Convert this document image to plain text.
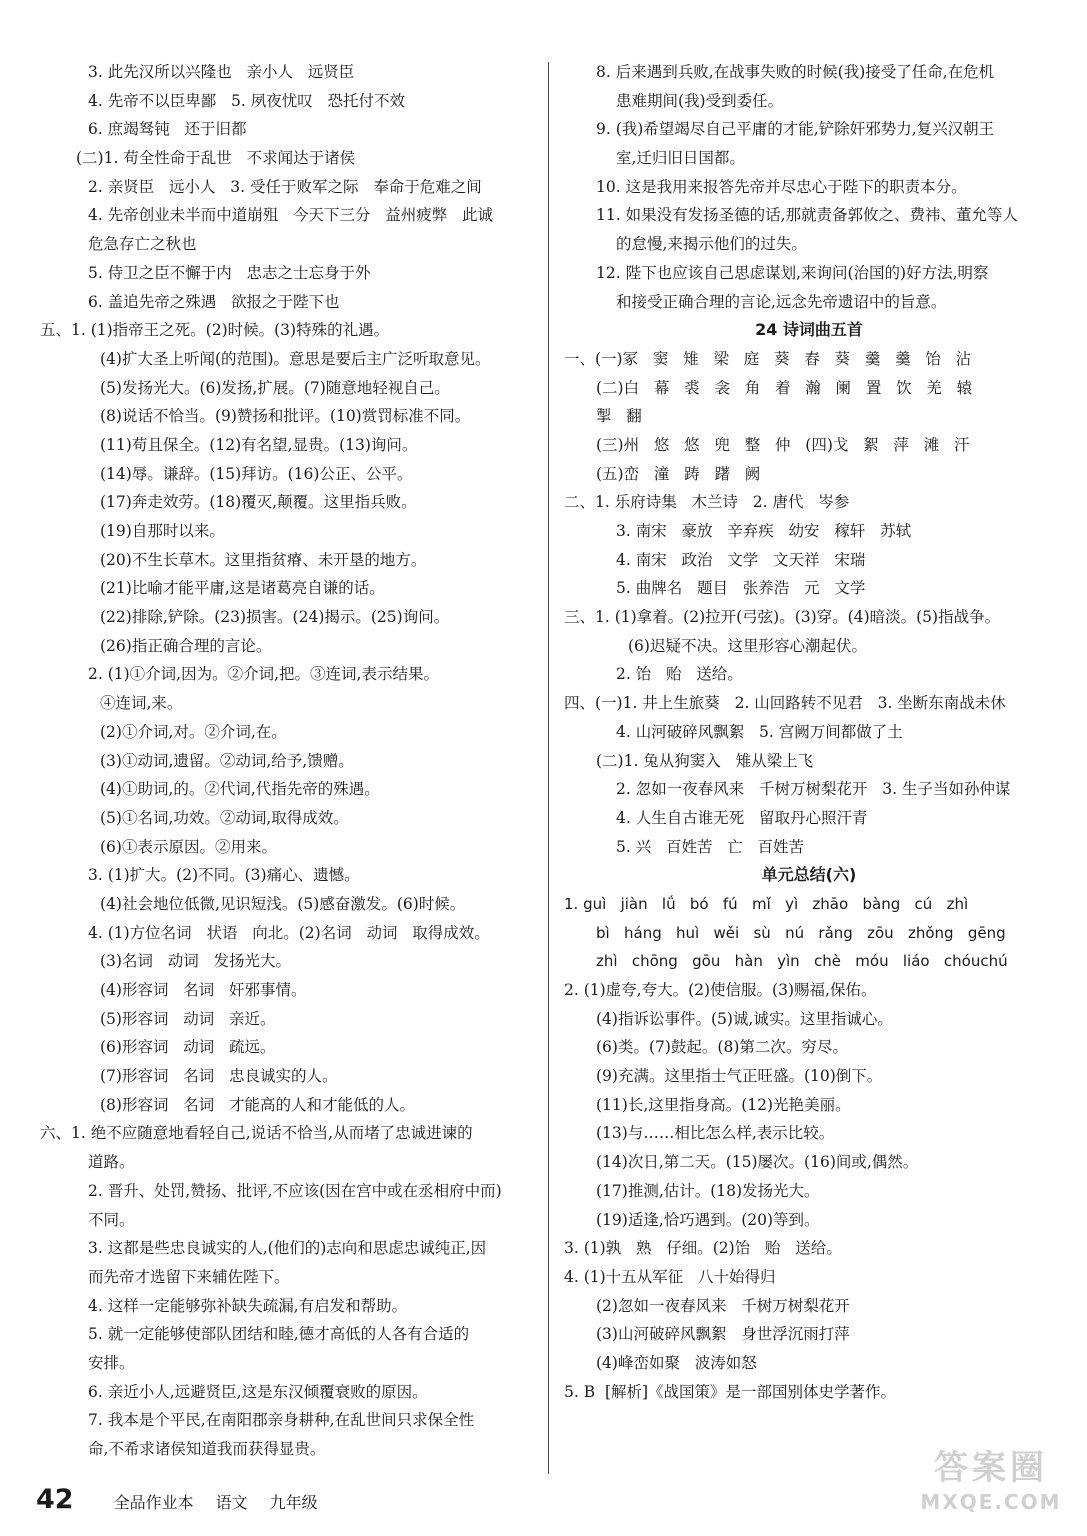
3. 此先汉所以兴隆也   亲小人   远贤臣
4. 先帝不以臣卑鄙   5. 夙夜忧叹   恐托付不效
6. 庶竭驽钝   还于旧都
(二)1. 苟全性命于乱世   不求闻达于诸侯
2. 亲贤臣   远小人   3. 受任于败军之际   奉命于危难之间
4. 先帝创业未半而中道崩殂   今天下三分   益州疲弊   此诚
危急存亡之秋也
5. 侍卫之臣不懈于内   忠志之士忘身于外
6. 盖追先帝之殊遇   欲报之于陛下也
五、1. (1)指帝王之死。(2)时候。(3)特殊的礼遇。
(4)扩大圣上听闻(的范围)。意思是要后主广泛听取意见。
(5)发扬光大。(6)发扬,扩展。(7)随意地轻视自己。
(8)说话不恰当。(9)赞扬和批评。(10)赏罚标准不同。
(11)苟且保全。(12)有名望,显贵。(13)询问。
(14)辱。谦辞。(15)拜访。(16)公正、公平。
(17)奔走效劳。(18)覆灭,颠覆。这里指兵败。
(19)自那时以来。
(20)不生长草木。这里指贫瘠、未开垦的地方。
(21)比喻才能平庸,这是诸葛亮自谦的话。
(22)排除,铲除。(23)损害。(24)揭示。(25)询问。
(26)指正确合理的言论。
2. (1)①介词,因为。②介词,把。③连词,表示结果。
④连词,来。
(2)①介词,对。②介词,在。
(3)①动词,遗留。②动词,给予,馈赠。
(4)①助词,的。②代词,代指先帝的殊遇。
(5)①名词,功效。②动词,取得成效。
(6)①表示原因。②用来。
3. (1)扩大。(2)不同。(3)痛心、遗憾。
(4)社会地位低微,见识短浅。(5)感奋激发。(6)时候。
4. (1)方位名词   状语   向北。(2)名词   动词   取得成效。
(3)名词   动词   发扬光大。
(4)形容词   名词   奸邪事情。
(5)形容词   动词   亲近。
(6)形容词   动词   疏远。
(7)形容词   名词   忠良诚实的人。
(8)形容词   名词   才能高的人和才能低的人。
六、1. 绝不应随意地看轻自己,说话不恰当,从而堵了忠诚进谏的
道路。
2. 晋升、处罚,赞扬、批评,不应该(因在宫中或在丞相府中而)
不同。
3. 这都是些忠良诚实的人,(他们的)志向和思虑忠诚纯正,因
而先帝才选留下来辅佐陛下。
4. 这样一定能够弥补缺失疏漏,有启发和帮助。
5. 就一定能够使部队团结和睦,德才高低的人各有合适的
安排。
6. 亲近小人,远避贤臣,这是东汉倾覆衰败的原因。
7. 我本是个平民,在南阳郡亲身耕种,在乱世间只求保全性
命,不希求诸侯知道我而获得显贵。
8. 后来遇到兵败,在战事失败的时候(我)接受了任命,在危机
患难期间(我)受到委任。
9. (我)希望竭尽自己平庸的才能,铲除奸邪势力,复兴汉朝王
室,迁归旧日国都。
10. 这是我用来报答先帝并尽忠心于陛下的职责本分。
11. 如果没有发扬圣德的话,那就责备郭攸之、费祎、董允等人
的怠慢,来揭示他们的过失。
12. 陛下也应该自己思虑谋划,来询问(治国的)好方法,明察
和接受正确合理的言论,远念先帝遗诏中的旨意。
24 诗词曲五首
一、(一)冢   窦   雉   梁   庭   葵   舂   葵   羹   羹   饴   沾
(二)白   幕   裘   衾   角   着   瀚   阑   置   饮   羌   辕
掣   翻
(三)州   悠   悠   兜   整   仲   (四)戈   絮   萍   滩   汗
(五)峦   潼   踌   躇   阙
二、1. 乐府诗集   木兰诗   2. 唐代   岑参
3. 南宋   豪放   辛弃疾   幼安   稼轩   苏轼
4. 南宋   政治   文学   文天祥   宋瑞
5. 曲牌名   题目   张养浩   元   文学
三、1. (1)拿着。(2)拉开(弓弦)。(3)穿。(4)暗淡。(5)指战争。
(6)迟疑不决。这里形容心潮起伏。
2. 饴   贻   送给。
四、(一)1. 井上生旅葵   2. 山回路转不见君   3. 坐断东南战未休
4. 山河破碎风飘絮   5. 宫阙万间都做了土
(二)1. 兔从狗窦入   雉从梁上飞
2. 忽如一夜春风来   千树万树梨花开   3. 生子当如孙仲谋
4. 人生自古谁无死   留取丹心照汗青
5. 兴   百姓苦   亡   百姓苦
单元总结(六)
1. guì   jiàn   lǘ   bó   fú   mǐ   yì   zhāo   bàng   cú   zhì
bì   háng   huì   wěi   sù   nú   rǎng   zōu   zhǒng   gēng
zhì   chōng   gōu   hàn   yìn   chè   móu   liáo   chóuchú
2. (1)虚夸,夸大。(2)使信服。(3)赐福,保佑。
(4)指诉讼事件。(5)诚,诚实。这里指诚心。
(6)类。(7)鼓起。(8)第二次。穷尽。
(9)充满。这里指士气正旺盛。(10)倒下。
(11)长,这里指身高。(12)光艳美丽。
(13)与……相比怎么样,表示比较。
(14)次日,第二天。(15)屡次。(16)间或,偶然。
(17)推测,估计。(18)发扬光大。
(19)适逢,恰巧遇到。(20)等到。
3. (1)孰   熟   仔细。(2)饴   贻   送给。
4. (1)十五从军征   八十始得归
(2)忽如一夜春风来   千树万树梨花开
(3)山河破碎风飘絮   身世浮沉雨打萍
(4)峰峦如聚   波涛如怒
5. B  [解析]《战国策》是一部国别体史学著作。
42	全品作业本 语文 九年级
答案圈
MXQE.COM
